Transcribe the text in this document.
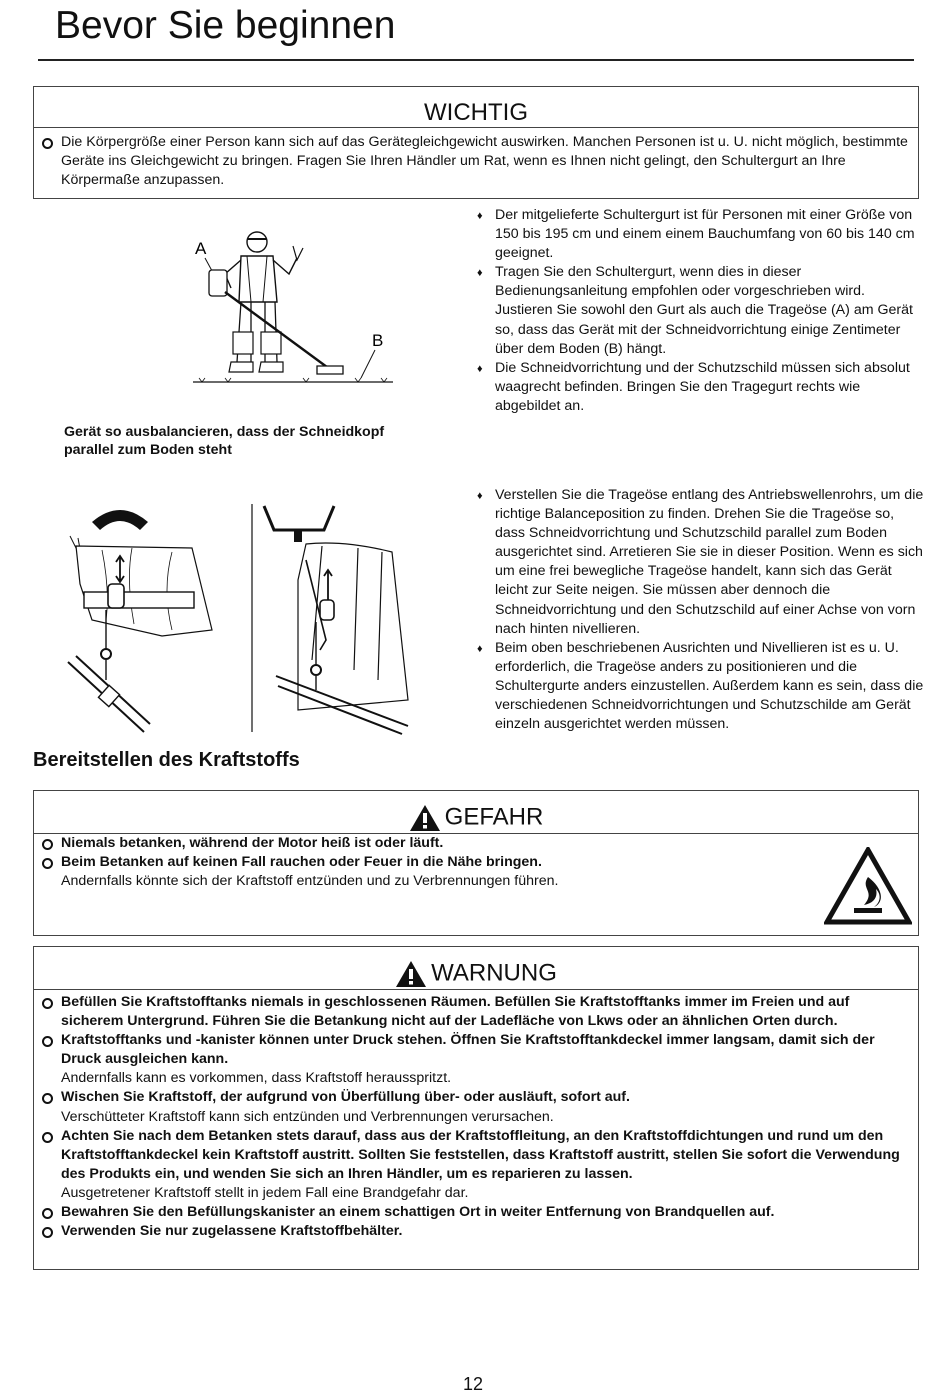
Bevor Sie beginnen
WICHTIG
Die Körpergröße einer Person kann sich auf das Gerätegleichgewicht auswirken. Manchen Personen ist u. U. nicht möglich, bestimmte Geräte ins Gleichgewicht zu bringen. Fragen Sie Ihren Händler um Rat, wenn es Ihnen nicht gelingt, den Schultergurt an Ihre Körpermaße anzupassen.
A
B
Gerät so ausbalancieren, dass der Schneidkopf
parallel zum Boden steht
♦ Der mitgelieferte Schultergurt ist für Personen mit einer Größe von 150 bis 195 cm und einem einem Bauchumfang von 60 bis 140 cm geeignet.
♦ Tragen Sie den Schultergurt, wenn dies in dieser Bedienungsanleitung empfohlen oder vorgeschrieben wird. Justieren Sie sowohl den Gurt als auch die Trageöse (A) am Gerät so, dass das Gerät mit der Schneidvorrichtung einige Zentimeter über dem Boden (B) hängt.
♦ Die Schneidvorrichtung und der Schutzschild müssen sich absolut waagrecht befinden. Bringen Sie den Tragegurt rechts wie abgebildet an.
♦ Verstellen Sie die Trageöse entlang des Antriebswellenrohrs, um die richtige Balanceposition zu finden. Drehen Sie die Trageöse so, dass Schneidvorrichtung und Schutzschild parallel zum Boden ausgerichtet sind. Arretieren Sie sie in dieser Position. Wenn es sich um eine frei bewegliche Trageöse handelt, kann sich das Gerät leicht zur Seite neigen. Sie müssen aber dennoch die Schneidvorrichtung und den Schutzschild auf einer Achse von vorn nach hinten nivellieren.
♦ Beim oben beschriebenen Ausrichten und Nivellieren ist es u. U. erforderlich, die Trageöse anders zu positionieren und die Schultergurte anders einzustellen. Außerdem kann es sein, dass die verschiedenen Schneidvorrichtungen und Schutzschilde am Gerät einzeln ausgerichtet werden müssen.
Bereitstellen des Kraftstoffs
GEFAHR
Niemals betanken, während der Motor heiß ist oder läuft.
Beim Betanken auf keinen Fall rauchen oder Feuer in die Nähe bringen.
Andernfalls könnte sich der Kraftstoff entzünden und zu Verbrennungen führen.
WARNUNG
Befüllen Sie Kraftstofftanks niemals in geschlossenen Räumen. Befüllen Sie Kraftstofftanks immer im Freien und auf sicherem Untergrund. Führen Sie die Betankung nicht auf der Ladefläche von Lkws oder an ähnlichen Orten durch.
Kraftstofftanks und -kanister können unter Druck stehen. Öffnen Sie Kraftstofftankdeckel immer langsam, damit sich der Druck ausgleichen kann.
Andernfalls kann es vorkommen, dass Kraftstoff herausspritzt.
Wischen Sie Kraftstoff, der aufgrund von Überfüllung über- oder ausläuft, sofort auf.
Verschütteter Kraftstoff kann sich entzünden und Verbrennungen verursachen.
Achten Sie nach dem Betanken stets darauf, dass aus der Kraftstoffleitung, an den Kraftstoffdichtungen und rund um den Kraftstofftankdeckel kein Kraftstoff austritt. Sollten Sie feststellen, dass Kraftstoff austritt, stellen Sie sofort die Verwendung des Produkts ein, und wenden Sie sich an Ihren Händler, um es reparieren zu lassen.
Ausgetretener Kraftstoff stellt in jedem Fall eine Brandgefahr dar.
Bewahren Sie den Befüllungskanister an einem schattigen Ort in weiter Entfernung von Brandquellen auf.
Verwenden Sie nur zugelassene Kraftstoffbehälter.
12
